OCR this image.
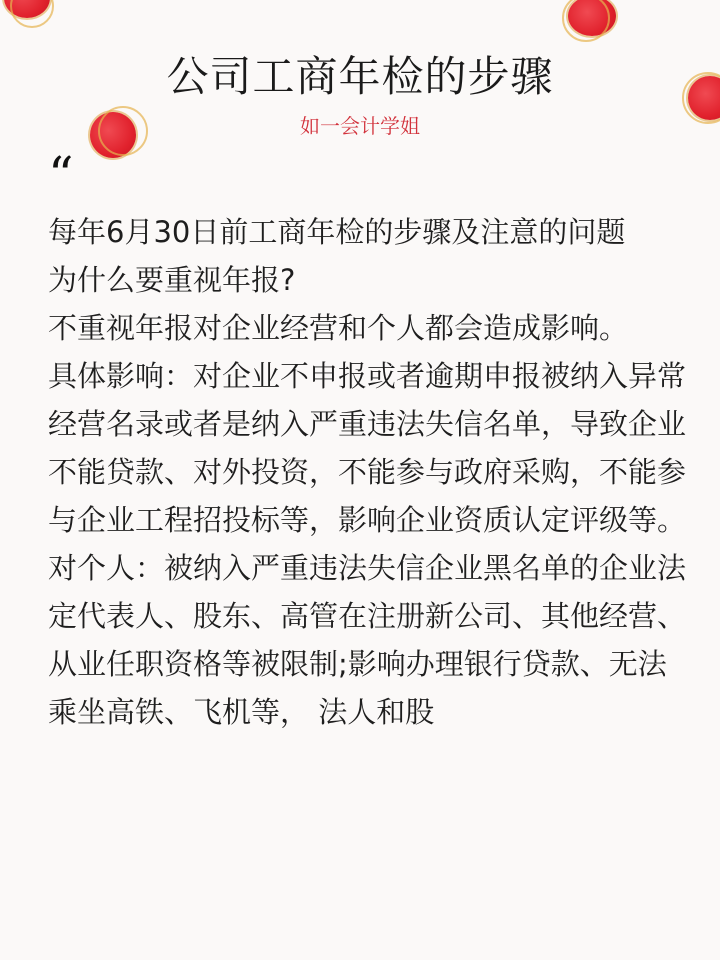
公司工商年检的步骤
如一会计学姐
“

每年6月30日前工商年检的步骤及注意的问题

为什么要重视年报?

不重视年报对企业经营和个人都会造成影响。

具体影响：对企业不申报或者逾期申报被纳入异常经营名录或者是纳入严重违法失信名单，导致企业不能贷款、对外投资，不能参与政府采购，不能参与企业工程招投标等，影响企业资质认定评级等。

对个人：被纳入严重违法失信企业黑名单的企业法定代表人、股东、高管在注册新公司、其他经营、从业任职资格等被限制;影响办理银行贷款、无法乘坐高铁、飞机等， 法人和股
